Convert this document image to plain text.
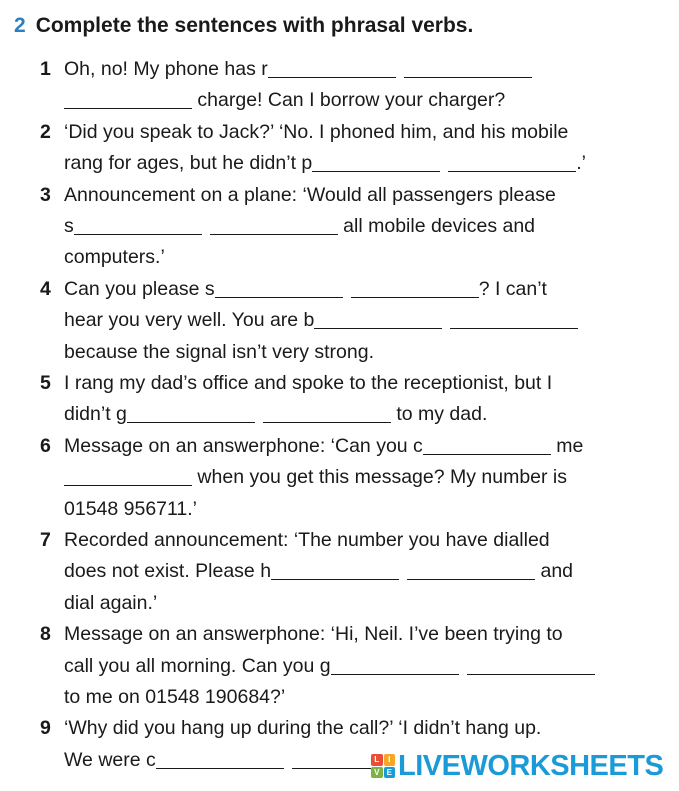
2 Complete the sentences with phrasal verbs.
1 Oh, no! My phone has r
charge! Can I borrow your charger?
2 ‘Did you speak to Jack?’ ‘No. I phoned him, and his mobile
rang for ages, but he didn’t p	.’
3 Announcement on a plane: ‘Would all passengers please
s	all mobile devices and
computers.’
4 Can you please s	? I can’t
hear you very well. You are b
because the signal isn’t very strong.
5 I rang my dad’s office and spoke to the receptionist, but I
didn’t g	to my dad.
6 Message on an answerphone: ‘Can you c	me
when you get this message? My number is
01548 956711.’
7 Recorded announcement: ‘The number you have dialled
does not exist. Please h	and
dial again.’
8 Message on an answerphone: ‘Hi, Neil. I’ve been trying to
call you all morning. Can you g
to me on 01548 190684?’
9 ‘Why did you hang up during the call?’ ‘I didn’t hang up.
We were c	L	I
V E LIVEWORKSHEETS
